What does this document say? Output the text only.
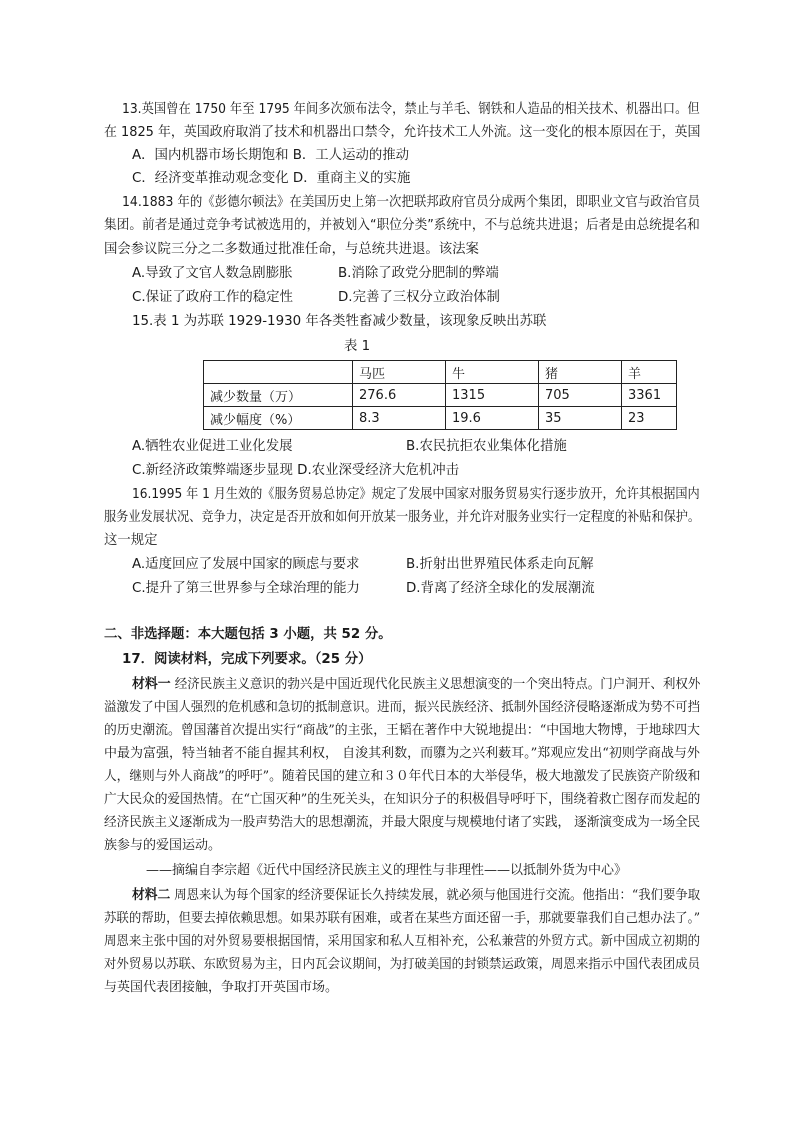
13.英国曾在 1750 年至 1795 年间多次颁布法令，禁止与羊毛、钢铁和人造品的相关技术、机器出口。但
在 1825 年，英国政府取消了技术和机器出口禁令，允许技术工人外流。这一变化的根本原因在于，英国
A．国内机器市场长期饱和 B．工人运动的推动
C．经济变革推动观念变化 D．重商主义的实施
14.1883 年的《彭德尔顿法》在美国历史上第一次把联邦政府官员分成两个集团，即职业文官与政治官员
集团。前者是通过竞争考试被选用的，并被划入“职位分类”系统中，不与总统共进退；后者是由总统提名和
国会参议院三分之二多数通过批准任命，与总统共进退。该法案
A.导致了文官人数急剧膨胀	B.消除了政党分肥制的弊端
C.保证了政府工作的稳定性	D.完善了三权分立政治体制
15.表 1 为苏联 1929-1930 年各类牲畜减少数量，该现象反映出苏联
表 1
	马匹	牛	猪	羊
减少数量（万）	276.6	1315	705	3361
减少幅度（%）	8.3	19.6	35	23
A.牺牲农业促进工业化发展	B.农民抗拒农业集体化措施
C.新经济政策弊端逐步显现 D.农业深受经济大危机冲击
16.1995 年 1 月生效的《服务贸易总协定》规定了发展中国家对服务贸易实行逐步放开，允许其根据国内
服务业发展状况、竞争力，决定是否开放和如何开放某一服务业，并允许对服务业实行一定程度的补贴和保护。
这一规定
A.适度回应了发展中国家的顾虑与要求	B.折射出世界殖民体系走向瓦解
C.提升了第三世界参与全球治理的能力	D.背离了经济全球化的发展潮流
二、非选择题：本大题包括 3 小题，共 52 分。
17．阅读材料，完成下列要求。（25 分）
材料一 经济民族主义意识的勃兴是中国近现代化民族主义思想演变的一个突出特点。门户洞开、利权外
溢激发了中国人强烈的危机感和急切的抵制意识。进而，振兴民族经济、抵制外国经济侵略逐渐成为势不可挡
的历史潮流。曾国藩首次提出实行“商战”的主张，王韬在著作中大锐地提出：“中国地大物博，于地球四大
中最为富强，特当轴者不能自握其利权， 自浚其利数，而隳为之兴利薮耳。”郑观应发出“初则学商战与外
人，继则与外人商战”的呼吁”。随着民国的建立和３０年代日本的大举侵华，极大地激发了民族资产阶级和
广大民众的爱国热情。在“亡国灭种”的生死关头，在知识分子的积极倡导呼吁下，围绕着救亡图存而发起的
经济民族主义逐渐成为一股声势浩大的思想潮流，并最大限度与规模地付诸了实践， 逐渐演变成为一场全民
族参与的爱国运动。
——摘编自李宗超《近代中国经济民族主义的理性与非理性——以抵制外货为中心》
材料二 周恩来认为每个国家的经济要保证长久持续发展，就必须与他国进行交流。他指出：“我们要争取
苏联的帮助，但要去掉依赖思想。如果苏联有困难，或者在某些方面还留一手，那就要靠我们自己想办法了。”
周恩来主张中国的对外贸易要根据国情，采用国家和私人互相补充，公私兼营的外贸方式。新中国成立初期的
对外贸易以苏联、东欧贸易为主，日内瓦会议期间，为打破美国的封锁禁运政策，周恩来指示中国代表团成员
与英国代表团接触，争取打开英国市场。
